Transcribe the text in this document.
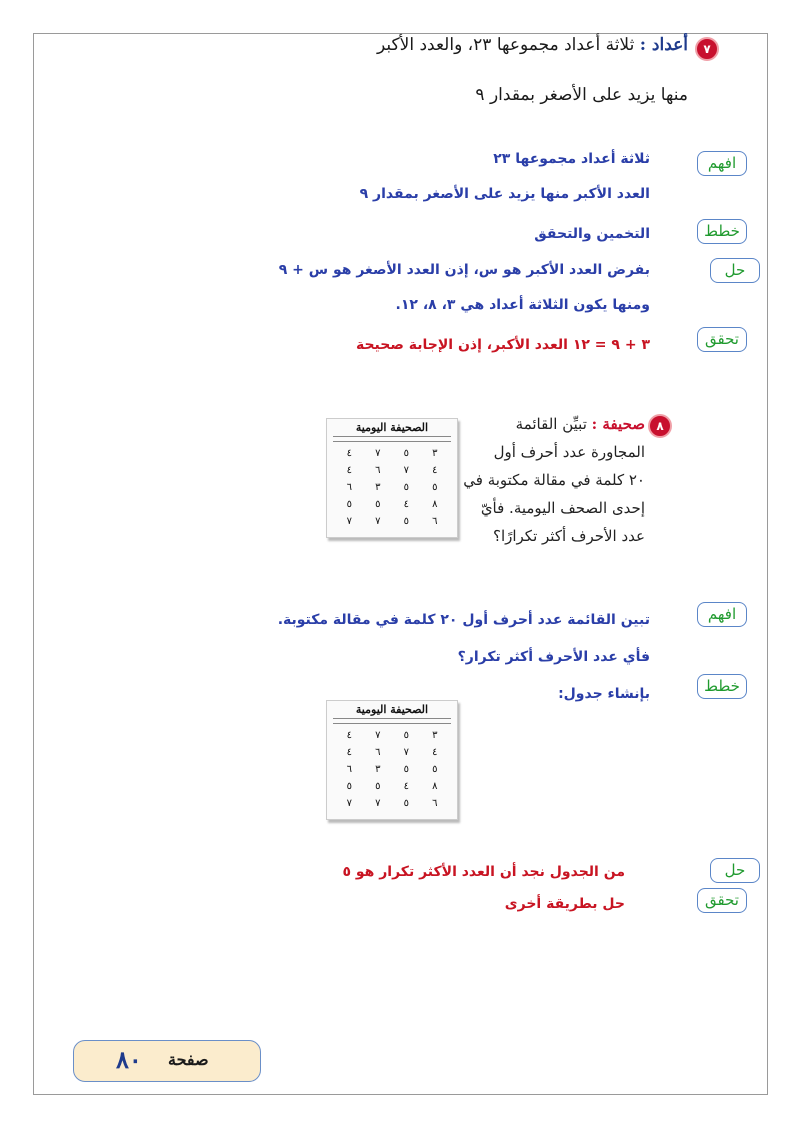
٧
أعداد : ثلاثة أعداد مجموعها ٢٣، والعدد الأكبر
منها يزيد على الأصغر بمقدار ٩
افهم
ثلاثة أعداد مجموعها ٢٣
العدد الأكبر منها يزيد على الأصغر بمقدار ٩
خطط
التخمين والتحقق
حل
بفرض العدد الأكبر هو س، إذن العدد الأصغر هو س + ٩
ومنها يكون الثلاثة أعداد هي ٣، ٨، ١٢.
تحقق
٣ + ٩ = ١٢ العدد الأكبر، إذن الإجابة صحيحة
٨
صحيفة : تبيِّن القائمة
المجاورة عدد أحرف أول
٢٠ كلمة في مقالة مكتوبة في
إحدى الصحف اليومية. فأيّ
عدد الأحرف أكثر تكرارًا؟
الصحيفة اليومية
٣
٥
٧
٤
٤
٧
٦
٤
٥
٥
٣
٦
٨
٤
٥
٥
٦
٥
٧
٧
افهم
تبين القائمة عدد أحرف أول ٢٠ كلمة في مقالة مكتوبة.
فأي عدد الأحرف أكثر تكرار؟
خطط
بإنشاء جدول:
الصحيفة اليومية
٣
٥
٧
٤
٤
٧
٦
٤
٥
٥
٣
٦
٨
٤
٥
٥
٦
٥
٧
٧
حل
من الجدول نجد أن العدد الأكثر تكرار هو ٥
تحقق
حل بطريقة أخرى
صفحة
٨٠
